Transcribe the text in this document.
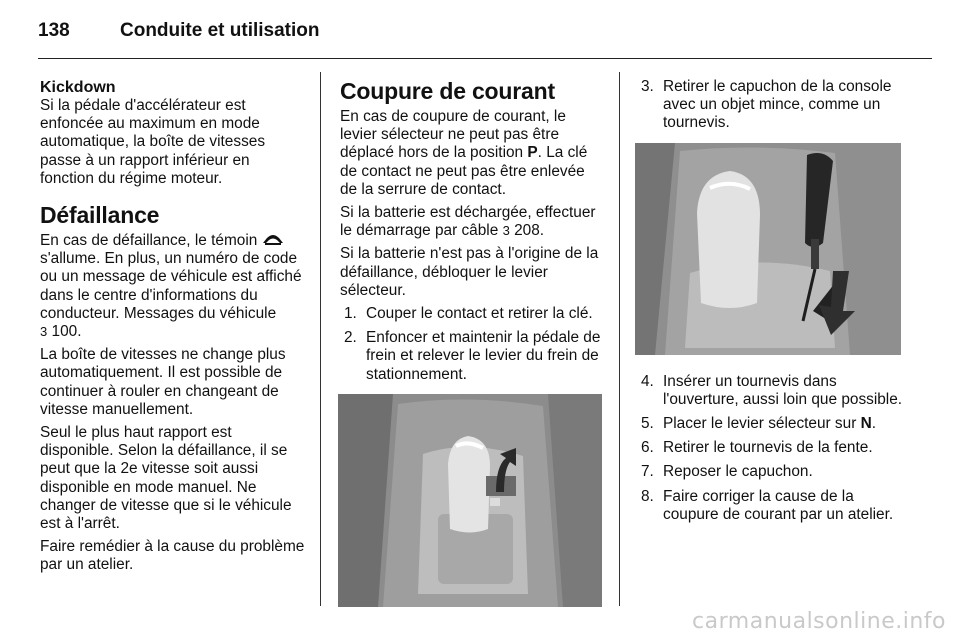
138	Conduite et utilisation
Kickdown

Si la pédale d'accélérateur est enfoncée au maximum en mode automatique, la boîte de vitesses passe à un rapport inférieur en fonction du régime moteur.

Défaillance

En cas de défaillance, le témoin  s'allume. En plus, un numéro de code ou un message de véhicule est affiché dans le centre d'informations du conducteur. Messages du véhicule
3 100.

La boîte de vitesses ne change plus automatiquement. Il est possible de continuer à rouler en changeant de vitesse manuellement.

Seul le plus haut rapport est disponible. Selon la défaillance, il se peut que la 2e vitesse soit aussi disponible en mode manuel. Ne changer de vitesse que si le véhicule est à l'arrêt.

Faire remédier à la cause du problème par un atelier.

Coupure de courant

En cas de coupure de courant, le levier sélecteur ne peut pas être déplacé hors de la position P. La clé de contact ne peut pas être enlevée de la serrure de contact.

Si la batterie est déchargée, effectuer le démarrage par câble 3 208.

Si la batterie n'est pas à l'origine de la défaillance, débloquer le levier sélecteur.

1. Couper le contact et retirer la clé.
2. Enfoncer et maintenir la pédale de frein et relever le levier du frein de stationnement.
3. Retirer le capuchon de la console avec un objet mince, comme un tournevis.
4. Insérer un tournevis dans l'ouverture, aussi loin que possible.
5. Placer le levier sélecteur sur N.
6. Retirer le tournevis de la fente.
7. Reposer le capuchon.
8. Faire corriger la cause de la coupure de courant par un atelier.
carmanualsonline.info
